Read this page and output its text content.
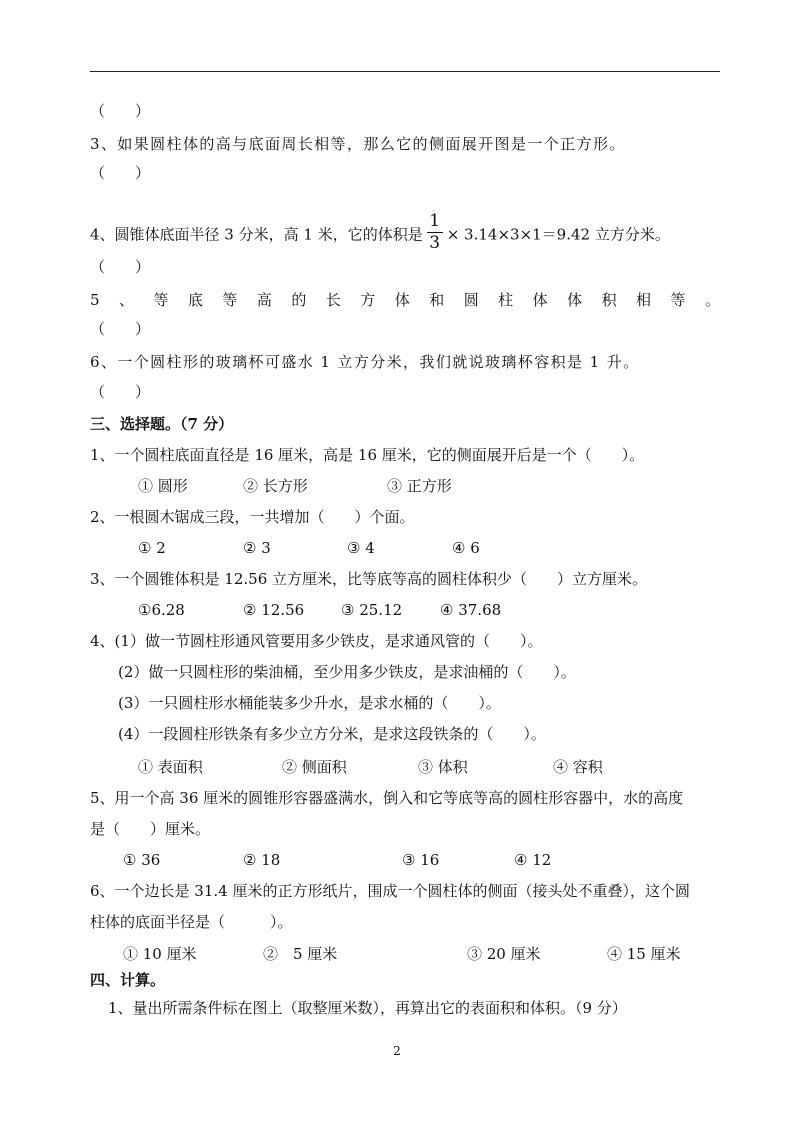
（　　）
3、如果圆柱体的高与底面周长相等，那么它的侧面展开图是一个正方形。
（　　）
4、圆锥体底面半径 3 分米，高 1 米，它的体积是 $\frac{1}{3} \times 3.14\times 3\times 1=9.42$ 立方分米。
（　　）
5 、 等 底 等 高 的 长 方 体 和 圆 柱 体 体 积 相 等 。
（　　）
6、一个圆柱形的玻璃杯可盛水 1 立方分米，我们就说玻璃杯容积是 1 升。
（　　）
三、选择题。（7 分）
1、一个圆柱底面直径是 16 厘米，高是 16 厘米，它的侧面展开后是一个（　　）。
① 圆形	② 长方形	③ 正方形
2、一根圆木锯成三段，一共增加（　　）个面。
① 2	② 3	③ 4	④ 6
3、一个圆锥体积是 12.56 立方厘米，比等底等高的圆柱体积少（　　）立方厘米。
①6.28	② 12.56 ③ 25.12	④ 37.68
4、(1）做一节圆柱形通风管要用多少铁皮，是求通风管的（　　）。
(2）做一只圆柱形的柴油桶，至少用多少铁皮，是求油桶的（　　）。
(3）一只圆柱形水桶能装多少升水，是求水桶的（　　）。
(4）一段圆柱形铁条有多少立方分米，是求这段铁条的（　　）。
① 表面积	② 侧面积	③ 体积	④ 容积
5、用一个高 36 厘米的圆锥形容器盛满水，倒入和它等底等高的圆柱形容器中，水的高度
是（　　）厘米。
① 36	② 18	③ 16	④ 12
6、一个边长是 31.4 厘米的正方形纸片，围成一个圆柱体的侧面（接头处不重叠），这个圆
柱体的底面半径是（　　　）。
① 10 厘米	②　5 厘米	③ 20 厘米	④ 15 厘米
四、计算。
1、量出所需条件标在图上（取整厘米数），再算出它的表面积和体积。（9 分）
2
